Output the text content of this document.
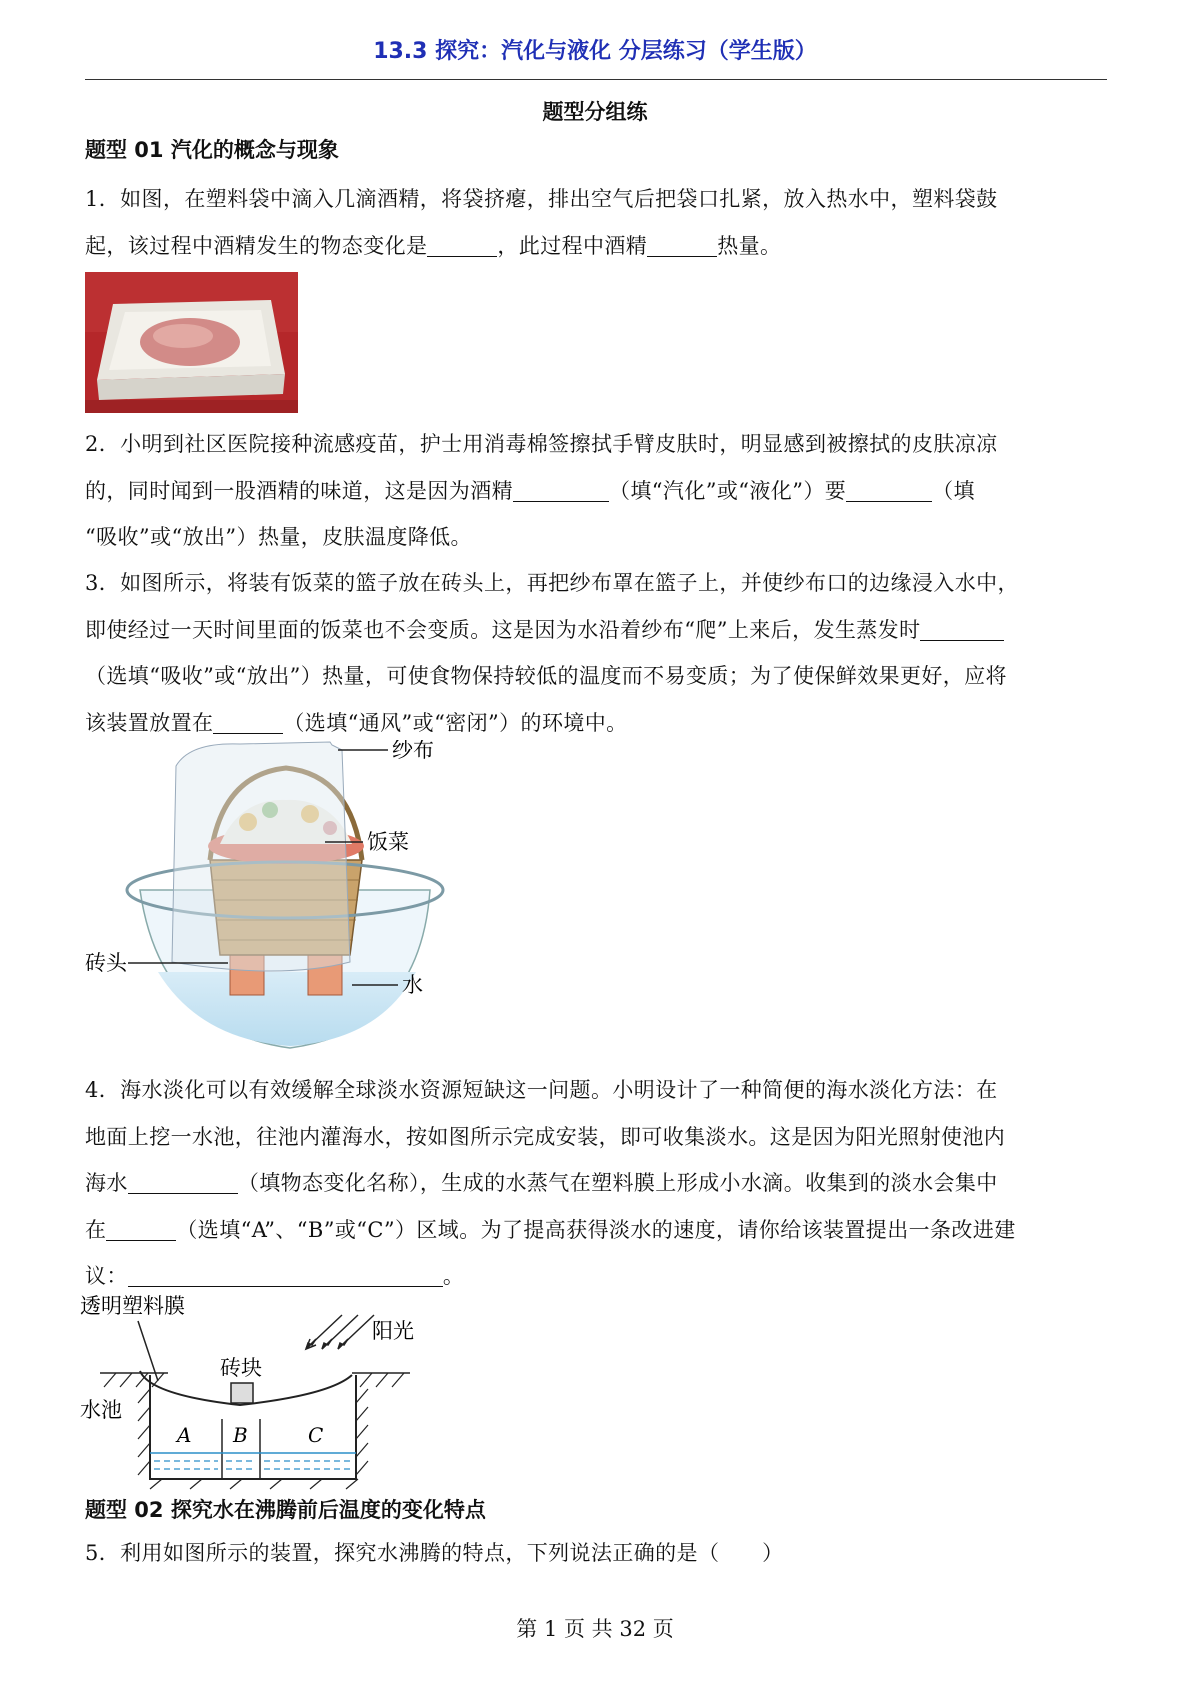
13.3 探究：汽化与液化 分层练习（学生版）
题型分组练
题型 01 汽化的概念与现象
1．如图，在塑料袋中滴入几滴酒精，将袋挤瘪，排出空气后把袋口扎紧，放入热水中，塑料袋鼓
起，该过程中酒精发生的物态变化是	，此过程中酒精	热量。
2．小明到社区医院接种流感疫苗，护士用消毒棉签擦拭手臂皮肤时，明显感到被擦拭的皮肤凉凉
的，同时闻到一股酒精的味道，这是因为酒精	（填“汽化”或“液化”）要	（填
“吸收”或“放出”）热量，皮肤温度降低。
3．如图所示，将装有饭菜的篮子放在砖头上，再把纱布罩在篮子上，并使纱布口的边缘浸入水中，
即使经过一天时间里面的饭菜也不会变质。这是因为水沿着纱布“爬”上来后，发生蒸发时
（选填“吸收”或“放出”）热量，可使食物保持较低的温度而不易变质；为了使保鲜效果更好，应将
该装置放置在	（选填“通风”或“密闭”）的环境中。
纱布
饭菜
砖头
水
4．海水淡化可以有效缓解全球淡水资源短缺这一问题。小明设计了一种简便的海水淡化方法：在
地面上挖一水池，往池内灌海水，按如图所示完成安装，即可收集淡水。这是因为阳光照射使池内
海水	（填物态变化名称），生成的水蒸气在塑料膜上形成小水滴。收集到的淡水会集中
在	（选填“A”、“B”或“C”）区域。为了提高获得淡水的速度，请你给该装置提出一条改进建
议：	。
透明塑料膜
阳光
砖块
水池
A B	C
题型 02 探究水在沸腾前后温度的变化特点
5．利用如图所示的装置，探究水沸腾的特点，下列说法正确的是（　　）
第 1 页 共 32 页
